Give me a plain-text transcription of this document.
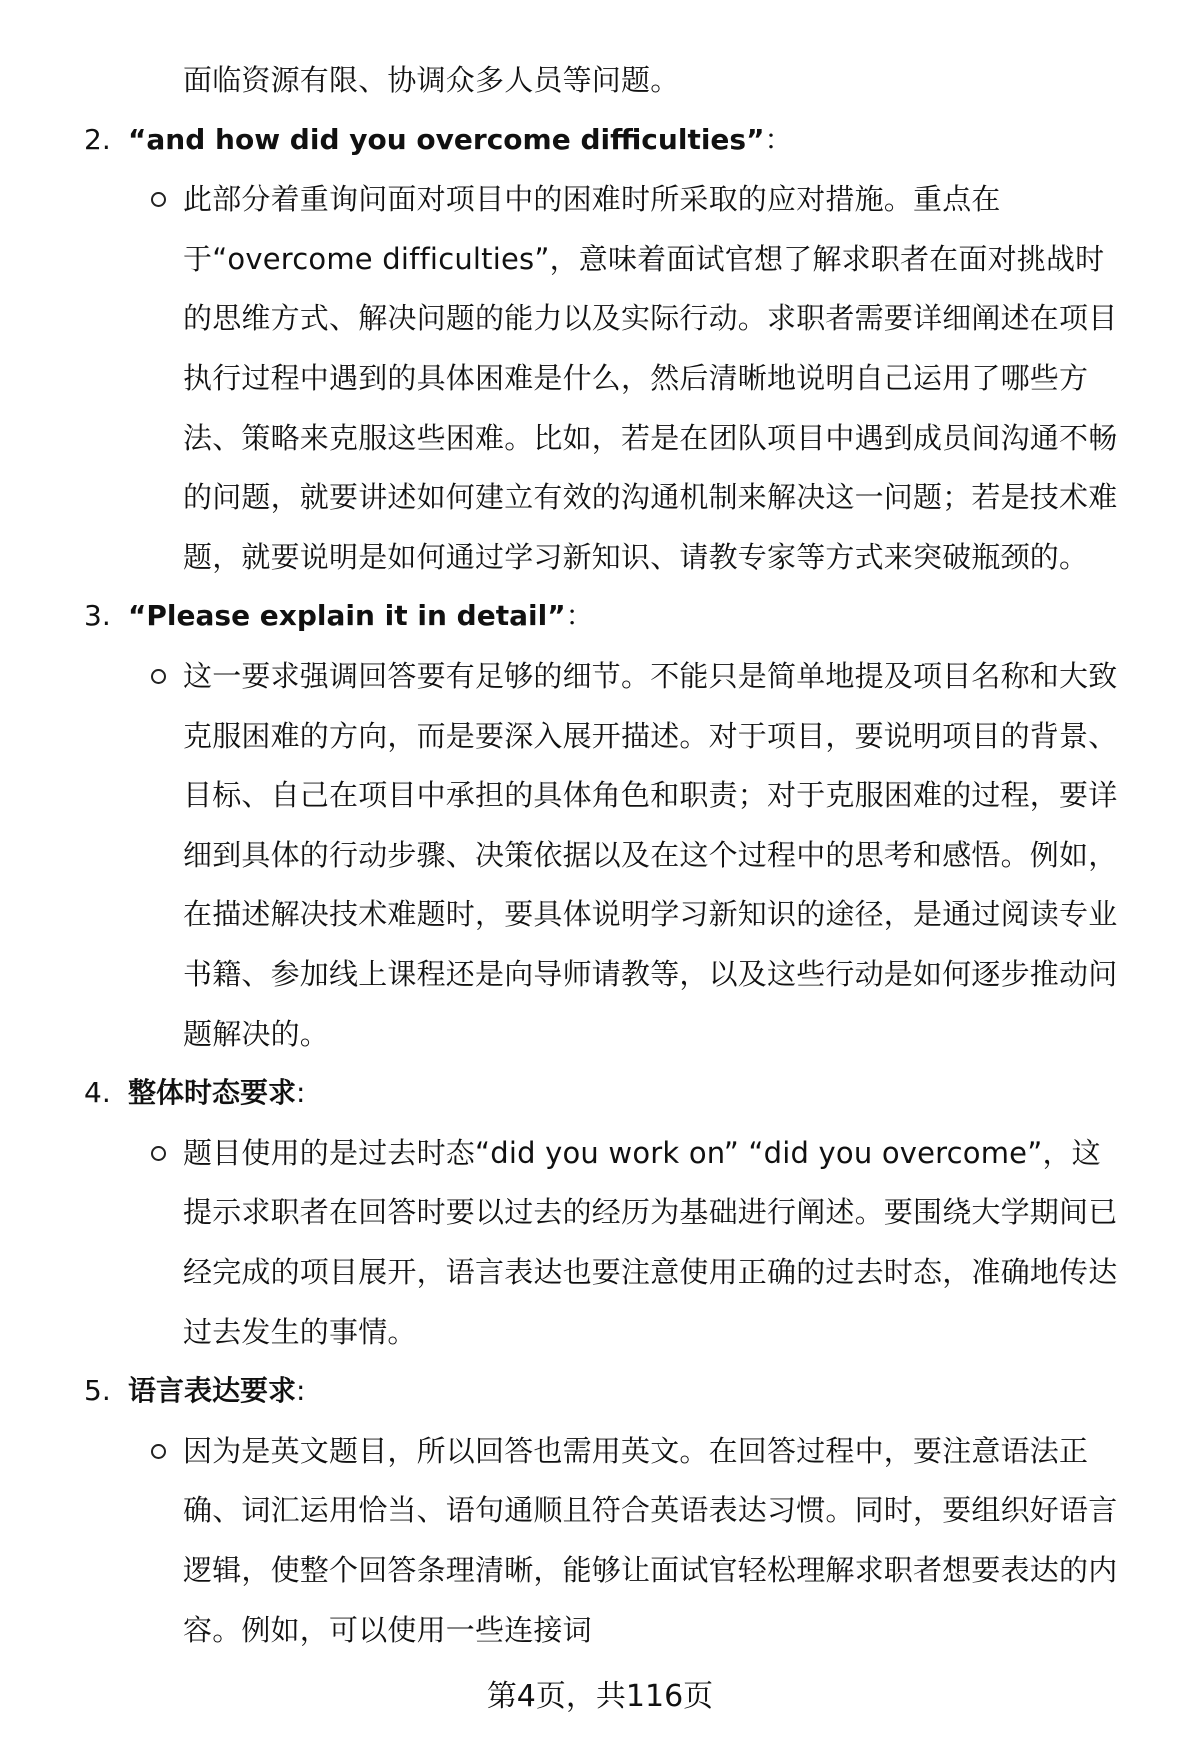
面临资源有限、协调众多人员等问题。
2. “and how did you overcome difficulties”：
此部分着重询问面对项目中的困难时所采取的应对措施。重点在
于“overcome difficulties”，意味着面试官想了解求职者在面对挑战时
的思维方式、解决问题的能力以及实际行动。求职者需要详细阐述在项目
执行过程中遇到的具体困难是什么，然后清晰地说明自己运用了哪些方
法、策略来克服这些困难。比如，若是在团队项目中遇到成员间沟通不畅
的问题，就要讲述如何建立有效的沟通机制来解决这一问题；若是技术难
题，就要说明是如何通过学习新知识、请教专家等方式来突破瓶颈的。
3. “Please explain it in detail”：
这一要求强调回答要有足够的细节。不能只是简单地提及项目名称和大致
克服困难的方向，而是要深入展开描述。对于项目，要说明项目的背景、
目标、自己在项目中承担的具体角色和职责；对于克服困难的过程，要详
细到具体的行动步骤、决策依据以及在这个过程中的思考和感悟。例如，
在描述解决技术难题时，要具体说明学习新知识的途径，是通过阅读专业
书籍、参加线上课程还是向导师请教等，以及这些行动是如何逐步推动问
题解决的。
4. 整体时态要求:
题目使用的是过去时态“did you work on” “did you overcome”，这
提示求职者在回答时要以过去的经历为基础进行阐述。要围绕大学期间已
经完成的项目展开，语言表达也要注意使用正确的过去时态，准确地传达
过去发生的事情。
5. 语言表达要求:
因为是英文题目，所以回答也需用英文。在回答过程中，要注意语法正
确、词汇运用恰当、语句通顺且符合英语表达习惯。同时，要组织好语言
逻辑，使整个回答条理清晰，能够让面试官轻松理解求职者想要表达的内
容。例如，可以使用一些连接词
第4页，共116页
